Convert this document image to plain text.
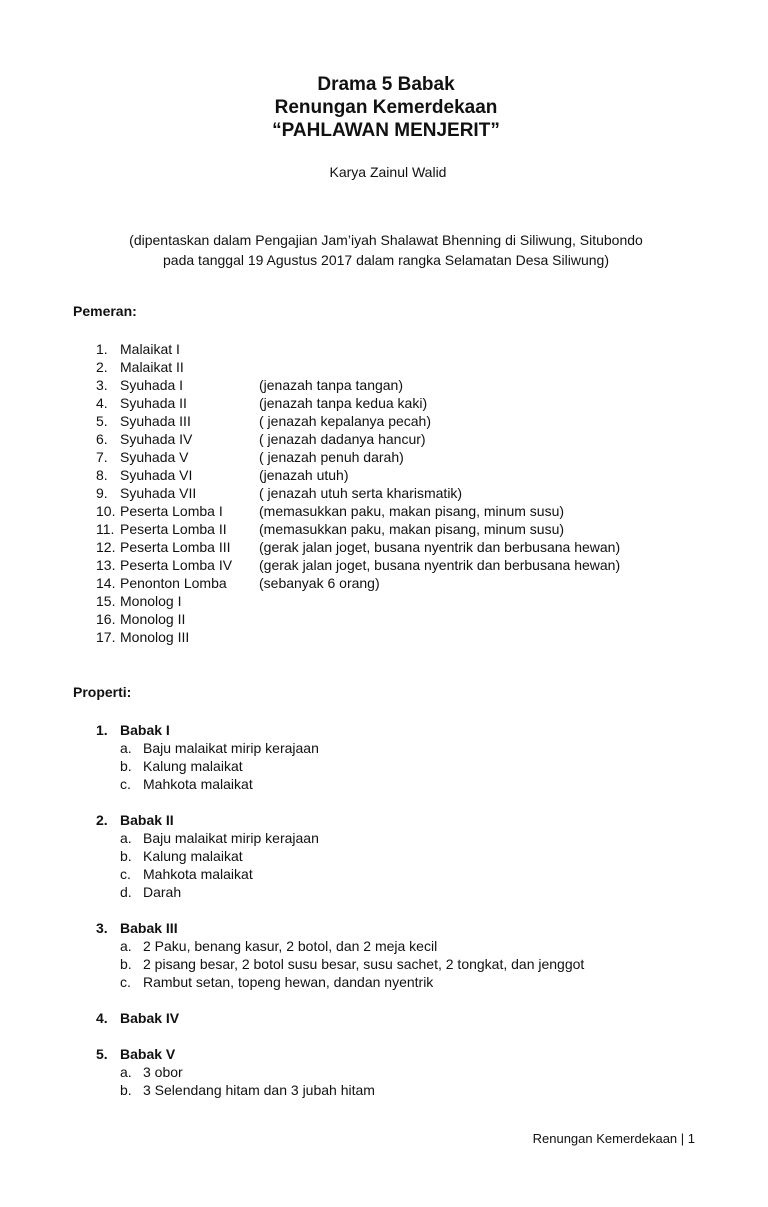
Drama 5 Babak
Renungan Kemerdekaan
“PAHLAWAN MENJERIT”
Karya Zainul Walid
(dipentaskan dalam Pengajian Jam’iyah Shalawat Bhenning di Siliwung, Situbondo
pada tanggal 19 Agustus 2017 dalam rangka Selamatan Desa Siliwung)
Pemeran:
1. Malaikat I
2. Malaikat II
3. Syuhada I	(jenazah tanpa tangan)
4. Syuhada II	(jenazah tanpa kedua kaki)
5. Syuhada III	( jenazah kepalanya pecah)
6. Syuhada IV	( jenazah dadanya hancur)
7. Syuhada V	( jenazah penuh darah)
8. Syuhada VI	(jenazah utuh)
9. Syuhada VII	( jenazah utuh serta kharismatik)
10. Peserta Lomba I	(memasukkan paku, makan pisang, minum susu)
11. Peserta Lomba II	(memasukkan paku, makan pisang, minum susu)
12. Peserta Lomba III	(gerak jalan joget, busana nyentrik dan berbusana hewan)
13. Peserta Lomba IV	(gerak jalan joget, busana nyentrik dan berbusana hewan)
14. Penonton Lomba	(sebanyak 6 orang)
15. Monolog I
16. Monolog II
17. Monolog III
Properti:
1. Babak I
a. Baju malaikat mirip kerajaan
b. Kalung malaikat
c. Mahkota malaikat
2. Babak II
a. Baju malaikat mirip kerajaan
b. Kalung malaikat
c. Mahkota malaikat
d. Darah
3. Babak III
a. 2 Paku, benang kasur, 2 botol, dan 2 meja kecil
b. 2 pisang besar, 2 botol susu besar, susu sachet, 2 tongkat, dan jenggot
c. Rambut setan, topeng hewan, dandan nyentrik
4. Babak IV
5. Babak V
a. 3 obor
b. 3 Selendang hitam dan 3 jubah hitam
Renungan Kemerdekaan | 1
